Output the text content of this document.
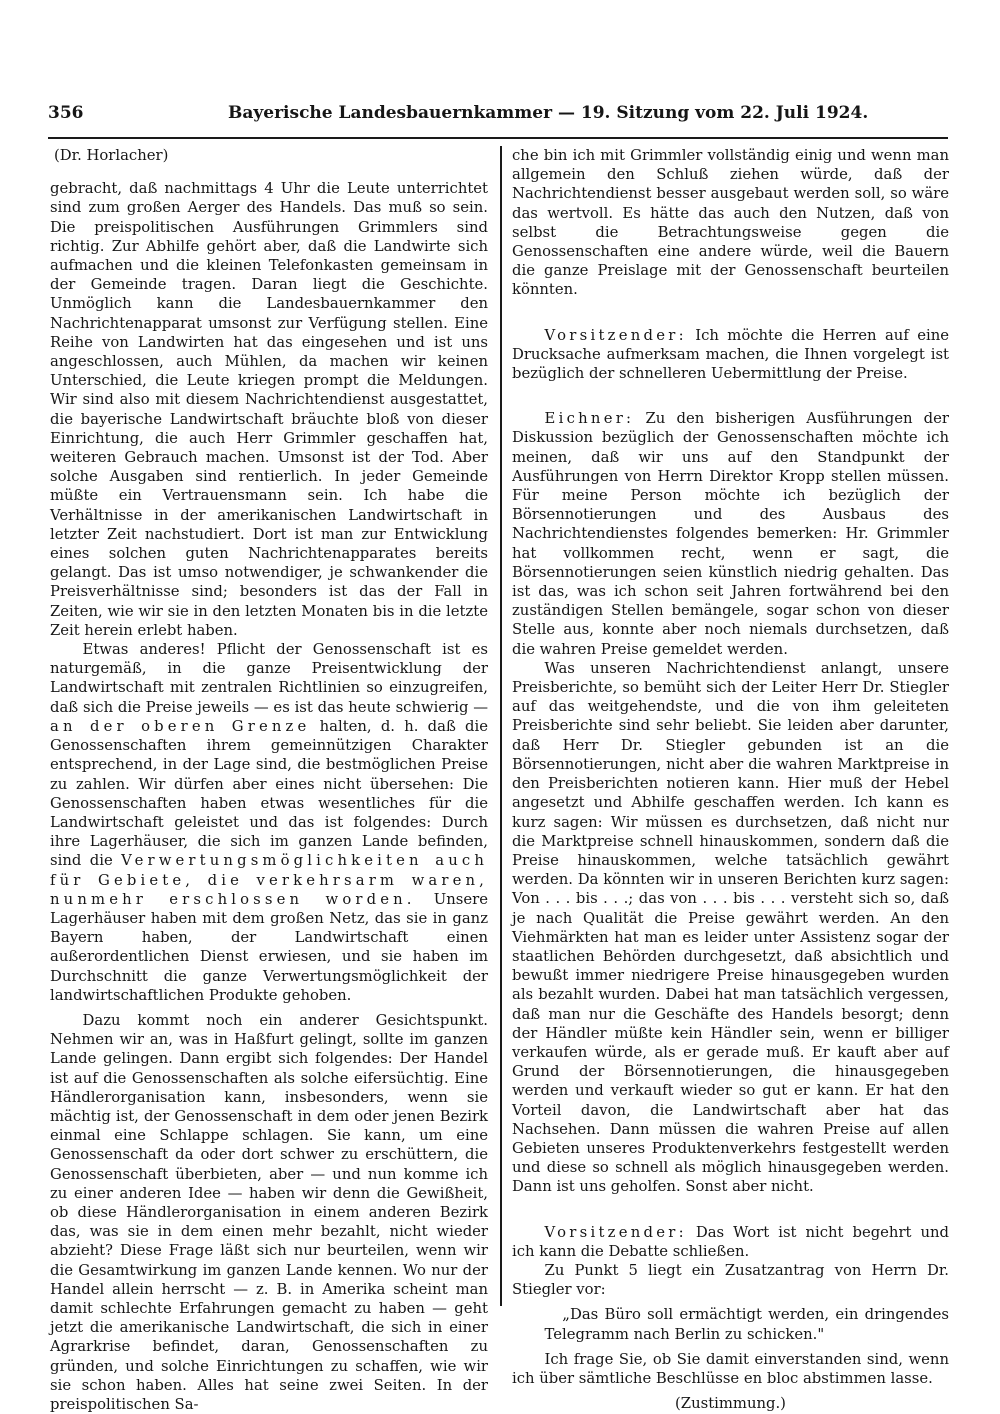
356	Bayerische Landesbauernkammer — 19. Sitzung vom 22. Juli 1924.

(Dr. Horlacher)

gebracht, daß nachmittags 4 Uhr die Leute unterrichtet sind zum großen Aerger des Handels. Das muß so sein. Die preispolitischen Ausführungen Grimmlers sind richtig. Zur Abhilfe gehört aber, daß die Landwirte sich aufmachen und die kleinen Telefonkasten gemeinsam in der Gemeinde tragen. Daran liegt die Geschichte. Unmöglich kann die Landesbauernkammer den Nachrichtenapparat umsonst zur Verfügung stellen. Eine Reihe von Landwirten hat das eingesehen und ist uns angeschlossen, auch Mühlen, da machen wir keinen Unterschied, die Leute kriegen prompt die Meldungen. Wir sind also mit diesem Nachrichtendienst ausgestattet, die bayerische Landwirtschaft bräuchte bloß von dieser Einrichtung, die auch Herr Grimmler geschaffen hat, weiteren Gebrauch machen. Umsonst ist der Tod. Aber solche Ausgaben sind rentierlich. In jeder Gemeinde müßte ein Vertrauensmann sein. Ich habe die Verhältnisse in der amerikanischen Landwirtschaft in letzter Zeit nachstudiert. Dort ist man zur Entwicklung eines solchen guten Nachrichtenapparates bereits gelangt. Das ist umso notwendiger, je schwankender die Preisverhältnisse sind; besonders ist das der Fall in Zeiten, wie wir sie in den letzten Monaten bis in die letzte Zeit herein erlebt haben.

Etwas anderes! Pflicht der Genossenschaft ist es naturgemäß, in die ganze Preisentwicklung der Landwirtschaft mit zentralen Richtlinien so einzugreifen, daß sich die Preise jeweils — es ist das heute schwierig — an der oberen Grenze halten, d. h. daß die Genossenschaften ihrem gemeinnützigen Charakter entsprechend, in der Lage sind, die bestmöglichen Preise zu zahlen. Wir dürfen aber eines nicht übersehen: Die Genossenschaften haben etwas wesentliches für die Landwirtschaft geleistet und das ist folgendes: Durch ihre Lagerhäuser, die sich im ganzen Lande befinden, sind die Verwertungsmöglichkeiten auch für Gebiete, die verkehrsarm waren, nunmehr erschlossen worden. Unsere Lagerhäuser haben mit dem großen Netz, das sie in ganz Bayern haben, der Landwirtschaft einen außerordentlichen Dienst erwiesen, und sie haben im Durchschnitt die ganze Verwertungsmöglichkeit der landwirtschaftlichen Produkte gehoben.

Dazu kommt noch ein anderer Gesichtspunkt. Nehmen wir an, was in Haßfurt gelingt, sollte im ganzen Lande gelingen. Dann ergibt sich folgendes: Der Handel ist auf die Genossenschaften als solche eifersüchtig. Eine Händlerorganisation kann, insbesonders, wenn sie mächtig ist, der Genossenschaft in dem oder jenen Bezirk einmal eine Schlappe schlagen. Sie kann, um eine Genossenschaft da oder dort schwer zu erschüttern, die Genossenschaft überbieten, aber — und nun komme ich zu einer anderen Idee — haben wir denn die Gewißheit, ob diese Händlerorganisation in einem anderen Bezirk das, was sie in dem einen mehr bezahlt, nicht wieder abzieht? Diese Frage läßt sich nur beurteilen, wenn wir die Gesamtwirkung im ganzen Lande kennen. Wo nur der Handel allein herrscht — z. B. in Amerika scheint man damit schlechte Erfahrungen gemacht zu haben — geht jetzt die amerikanische Landwirtschaft, die sich in einer Agrarkrise befindet, daran, Genossenschaften zu gründen, und solche Einrichtungen zu schaffen, wie wir sie schon haben. Alles hat seine zwei Seiten. In der preispolitischen Sa-

che bin ich mit Grimmler vollständig einig und wenn man allgemein den Schluß ziehen würde, daß der Nachrichtendienst besser ausgebaut werden soll, so wäre das wertvoll. Es hätte das auch den Nutzen, daß von selbst die Betrachtungsweise gegen die Genossenschaften eine andere würde, weil die Bauern die ganze Preislage mit der Genossenschaft beurteilen könnten.

Vorsitzender: Ich möchte die Herren auf eine Drucksache aufmerksam machen, die Ihnen vorgelegt ist bezüglich der schnelleren Uebermittlung der Preise.

Eichner: Zu den bisherigen Ausführungen der Diskussion bezüglich der Genossenschaften möchte ich meinen, daß wir uns auf den Standpunkt der Ausführungen von Herrn Direktor Kropp stellen müssen. Für meine Person möchte ich bezüglich der Börsennotierungen und des Ausbaus des Nachrichtendienstes folgendes bemerken: Hr. Grimmler hat vollkommen recht, wenn er sagt, die Börsennotierungen seien künstlich niedrig gehalten. Das ist das, was ich schon seit Jahren fortwährend bei den zuständigen Stellen bemängele, sogar schon von dieser Stelle aus, konnte aber noch niemals durchsetzen, daß die wahren Preise gemeldet werden.

Was unseren Nachrichtendienst anlangt, unsere Preisberichte, so bemüht sich der Leiter Herr Dr. Stiegler auf das weitgehendste, und die von ihm geleiteten Preisberichte sind sehr beliebt. Sie leiden aber darunter, daß Herr Dr. Stiegler gebunden ist an die Börsennotierungen, nicht aber die wahren Marktpreise in den Preisberichten notieren kann. Hier muß der Hebel angesetzt und Abhilfe geschaffen werden. Ich kann es kurz sagen: Wir müssen es durchsetzen, daß nicht nur die Marktpreise schnell hinauskommen, sondern daß die Preise hinauskommen, welche tatsächlich gewährt werden. Da könnten wir in unseren Berichten kurz sagen: Von . . . bis . . .; das von . . . bis . . . versteht sich so, daß je nach Qualität die Preise gewährt werden. An den Viehmärkten hat man es leider unter Assistenz sogar der staatlichen Behörden durchgesetzt, daß absichtlich und bewußt immer niedrigere Preise hinausgegeben wurden als bezahlt wurden. Dabei hat man tatsächlich vergessen, daß man nur die Geschäfte des Handels besorgt; denn der Händler müßte kein Händler sein, wenn er billiger verkaufen würde, als er gerade muß. Er kauft aber auf Grund der Börsennotierungen, die hinausgegeben werden und verkauft wieder so gut er kann. Er hat den Vorteil davon, die Landwirtschaft aber hat das Nachsehen. Dann müssen die wahren Preise auf allen Gebieten unseres Produktenverkehrs festgestellt werden und diese so schnell als möglich hinausgegeben werden. Dann ist uns geholfen. Sonst aber nicht.

Vorsitzender: Das Wort ist nicht begehrt und ich kann die Debatte schließen.

Zu Punkt 5 liegt ein Zusatzantrag von Herrn Dr. Stiegler vor:

„Das Büro soll ermächtigt werden, ein dringendes Telegramm nach Berlin zu schicken."

Ich frage Sie, ob Sie damit einverstanden sind, wenn ich über sämtliche Beschlüsse en bloc abstimmen lasse.

(Zustimmung.)
